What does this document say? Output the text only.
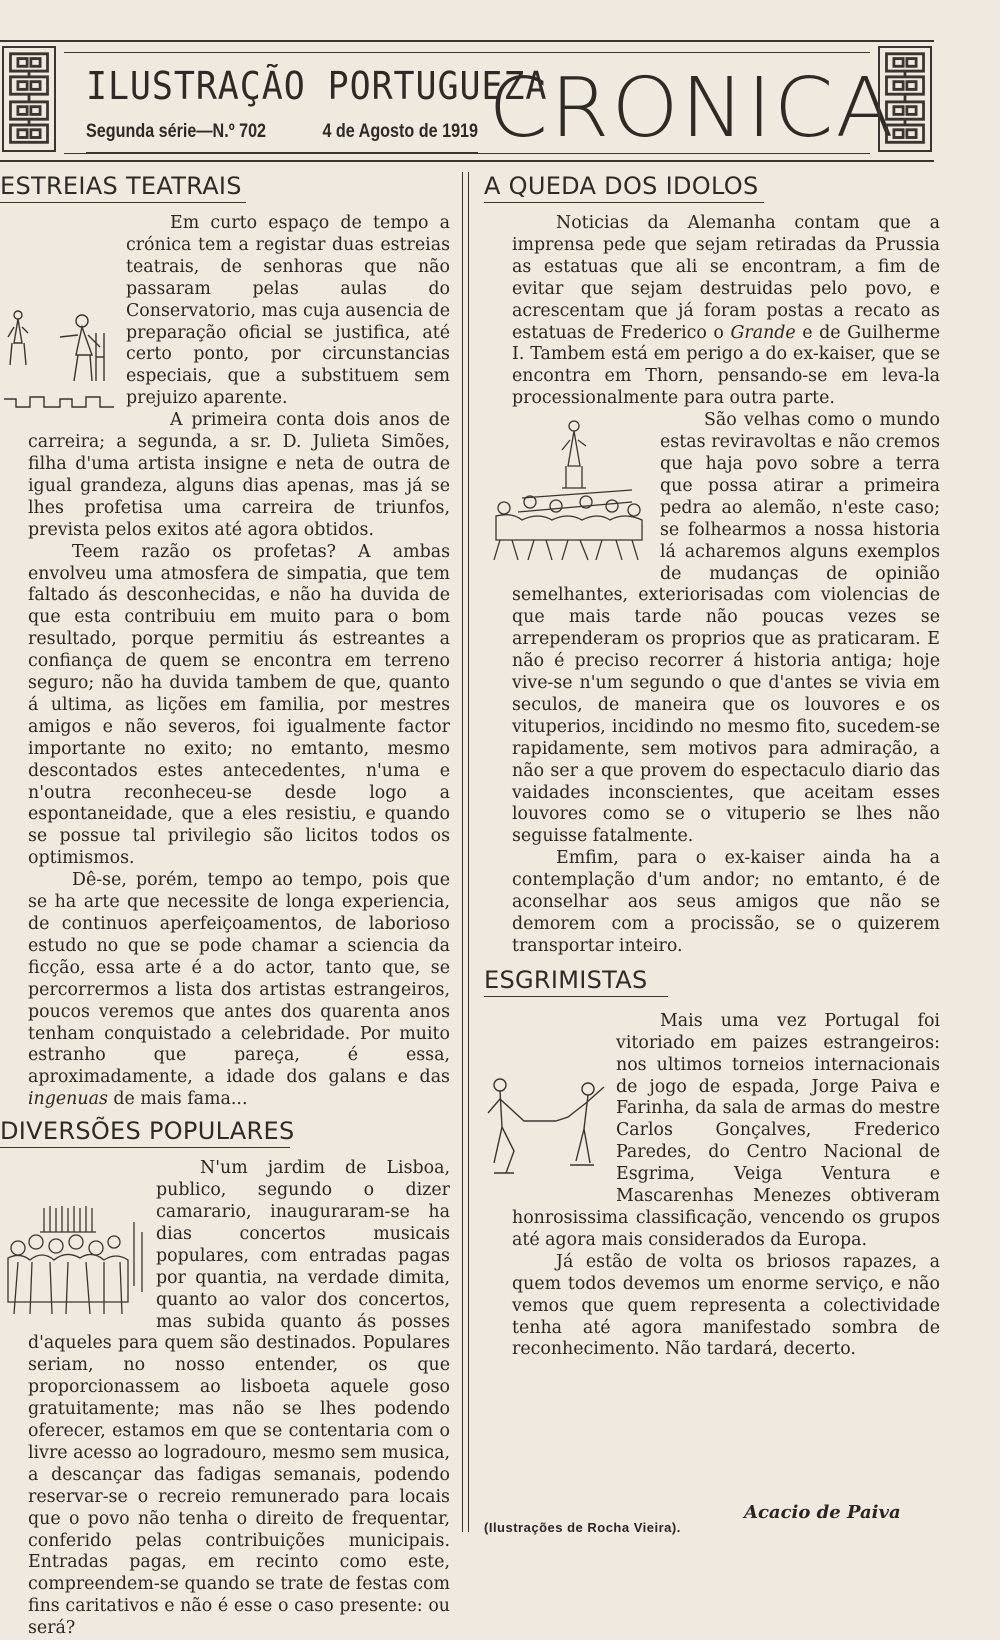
ILUSTRAÇÃO PORTUGUEZA
Segunda série—N.º 702	4 de Agosto de 1919 CRONICA
ESTREIAS TEATRAIS

Em curto espaço de tempo a crónica tem a registar duas estreias teatrais, de senhoras que não passaram pelas aulas do Conservatorio, mas cuja ausencia de preparação oficial se justifica, até certo ponto, por circunstancias especiais, que a substituem sem prejuizo aparente.

A primeira conta dois anos de carreira; a segunda, a sr. D. Julieta Simões, filha d'uma artista insigne e neta de outra de igual grandeza, alguns dias apenas, mas já se lhes profetisa uma carreira de triunfos, prevista pelos exitos até agora obtidos.

Teem razão os profetas? A ambas envolveu uma atmosfera de simpatia, que tem faltado ás desconhecidas, e não ha duvida de que esta contribuiu em muito para o bom resultado, porque permitiu ás estreantes a confiança de quem se encontra em terreno seguro; não ha duvida tambem de que, quanto á ultima, as lições em familia, por mestres amigos e não severos, foi igualmente factor importante no exito; no emtanto, mesmo descontados estes antecedentes, n'uma e n'outra reconheceu-se desde logo a espontaneidade, que a eles resistiu, e quando se possue tal privilegio são licitos todos os optimismos.

Dê-se, porém, tempo ao tempo, pois que se ha arte que necessite de longa experiencia, de continuos aperfeiçoamentos, de laborioso estudo no que se pode chamar a sciencia da ficção, essa arte é a do actor, tanto que, se percorrermos a lista dos artistas estrangeiros, poucos veremos que antes dos quarenta anos tenham conquistado a celebridade. Por muito estranho que pareça, é essa, aproximadamente, a idade dos galans e das ingenuas de mais fama...

DIVERSÕES POPULARES

N'um jardim de Lisboa, publico, segundo o dizer camarario, inauguraram-se ha dias concertos musicais populares, com entradas pagas por quantia, na verdade dimita, quanto ao valor dos concertos, mas subida quanto ás posses d'aqueles para quem são destinados. Populares seriam, no nosso entender, os que proporcionassem ao lisboeta aquele goso gratuitamente; mas não se lhes podendo oferecer, estamos em que se contentaria com o livre acesso ao logradouro, mesmo sem musica, a descançar das fadigas semanais, podendo reservar-se o recreio remunerado para locais que o povo não tenha o direito de frequentar, conferido pelas contribuições municipais. Entradas pagas, em recinto como este, compreendem-se quando se trate de festas com fins caritativos e não é esse o caso presente: ou será?

A QUEDA DOS IDOLOS

Noticias da Alemanha contam que a imprensa pede que sejam retiradas da Prussia as estatuas que ali se encontram, a fim de evitar que sejam destruidas pelo povo, e acrescentam que já foram postas a recato as estatuas de Frederico o Grande e de Guilherme I. Tambem está em perigo a do ex-kaiser, que se encontra em Thorn, pensando-se em leva-la processionalmente para outra parte.

São velhas como o mundo estas reviravoltas e não cremos que haja povo sobre a terra que possa atirar a primeira pedra ao alemão, n'este caso; se folhearmos a nossa historia lá acharemos alguns exemplos de mudanças de opinião semelhantes, exteriorisadas com violencias de que mais tarde não poucas vezes se arrependeram os proprios que as praticaram. E não é preciso recorrer á historia antiga; hoje vive-se n'um segundo o que d'antes se vivia em seculos, de maneira que os louvores e os vituperios, incidindo no mesmo fito, sucedem-se rapidamente, sem motivos para admiração, a não ser a que provem do espectaculo diario das vaidades inconscientes, que aceitam esses louvores como se o vituperio se lhes não seguisse fatalmente.

Emfim, para o ex-kaiser ainda ha a contemplação d'um andor; no emtanto, é de aconselhar aos seus amigos que não se demorem com a procissão, se o quizerem transportar inteiro.

ESGRIMISTAS

Mais uma vez Portugal foi vitoriado em paizes estrangeiros: nos ultimos torneios internacionais de jogo de espada, Jorge Paiva e Farinha, da sala de armas do mestre Carlos Gonçalves, Frederico Paredes, do Centro Nacional de Esgrima, Veiga Ventura e Mascarenhas Menezes obtiveram honrosissima classificação, vencendo os grupos até agora mais considerados da Europa.

Já estão de volta os briosos rapazes, a quem todos devemos um enorme serviço, e não vemos que quem representa a colectividade tenha até agora manifestado sombra de reconhecimento. Não tardará, decerto.

Acacio de Paiva
(Ilustrações de Rocha Vieira).
